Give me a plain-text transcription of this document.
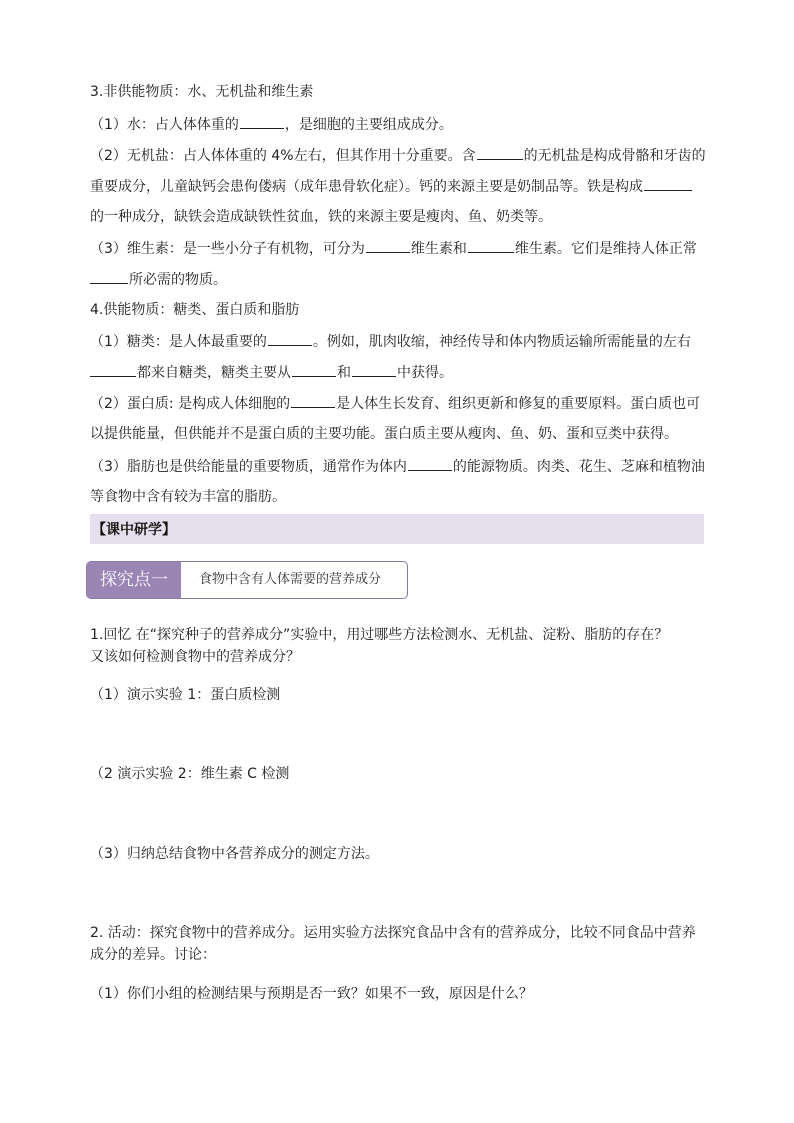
3.非供能物质：水、无机盐和维生素
（1）水：占人体体重的	，是细胞的主要组成成分。
（2）无机盐：占人体体重的 4%左右，但其作用十分重要。含	的无机盐是构成骨骼和牙齿的
重要成分，儿童缺钙会患佝偻病（成年患骨软化症）。钙的来源主要是奶制品等。铁是构成
的一种成分，缺铁会造成缺铁性贫血，铁的来源主要是瘦肉、鱼、奶类等。
（3）维生素：是一些小分子有机物，可分为	维生素和	维生素。它们是维持人体正常
所必需的物质。
4.供能物质：糖类、蛋白质和脂肪
（1）糖类：是人体最重要的	。例如，肌肉收缩，神经传导和体内物质运输所需能量的左右
都来自糖类，糖类主要从	和	中获得。
（2）蛋白质: 是构成人体细胞的	是人体生长发育、组织更新和修复的重要原料。蛋白质也可
以提供能量，但供能并不是蛋白质的主要功能。蛋白质主要从瘦肉、鱼、奶、蛋和豆类中获得。
（3）脂肪也是供给能量的重要物质，通常作为体内	的能源物质。肉类、花生、芝麻和植物油
等食物中含有较为丰富的脂肪。
【课中研学】
探究点一	食物中含有人体需要的营养成分
1.回忆 在“探究种子的营养成分”实验中，用过哪些方法检测水、无机盐、淀粉、脂肪的存在？
又该如何检测食物中的营养成分？
（1）演示实验 1：蛋白质检测
（2 演示实验 2：维生素 C 检测
（3）归纳总结食物中各营养成分的测定方法。
2. 活动：探究食物中的营养成分。运用实验方法探究食品中含有的营养成分，比较不同食品中营养
成分的差异。讨论：
（1）你们小组的检测结果与预期是否一致？如果不一致，原因是什么？
